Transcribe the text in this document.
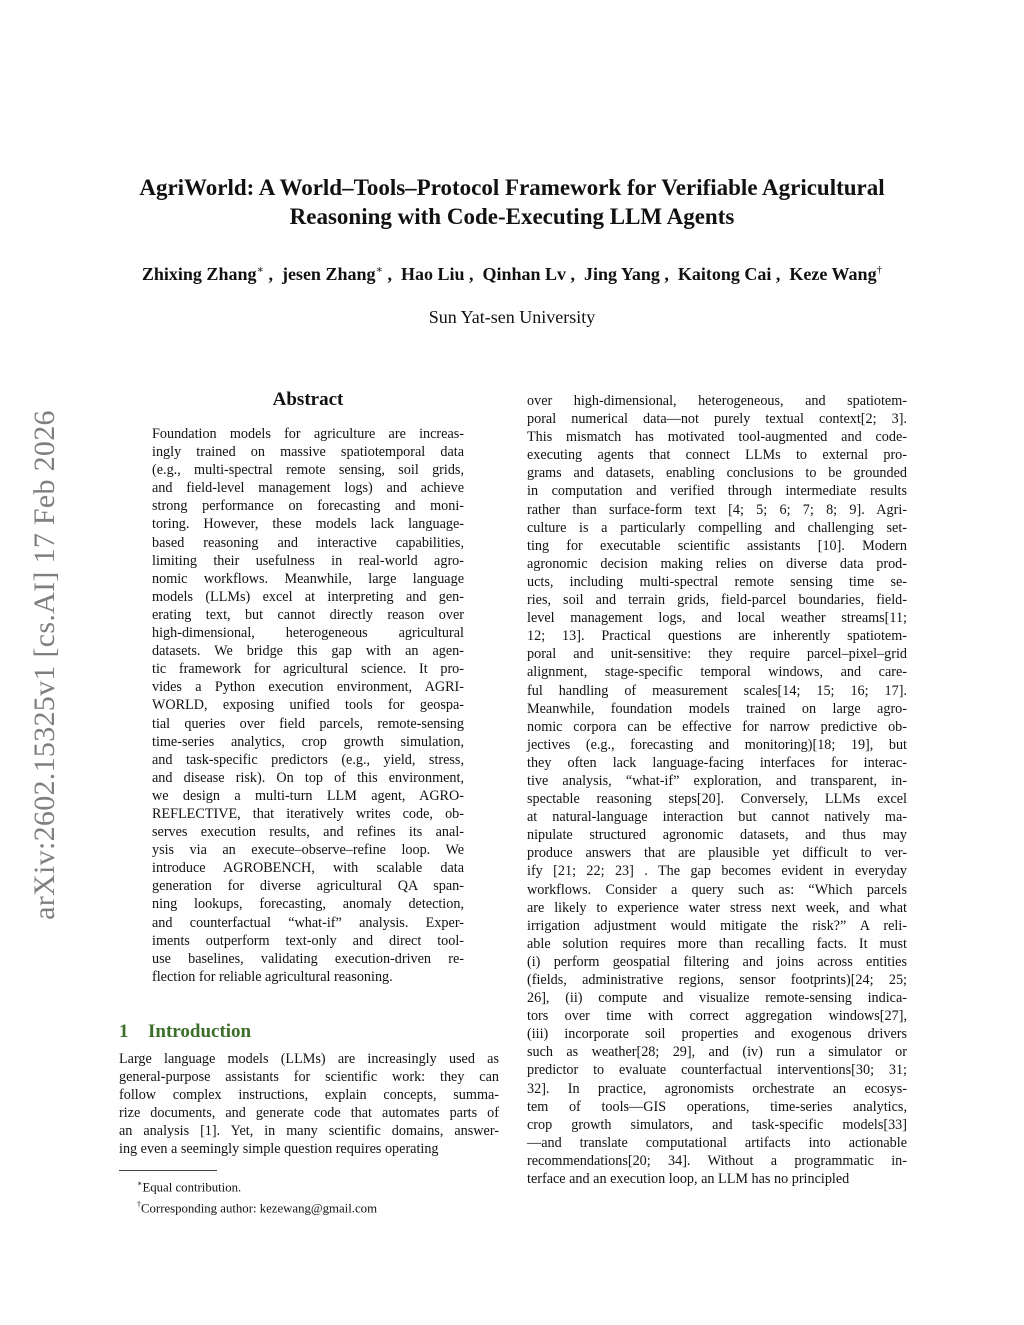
arXiv:2602.15325v1 [cs.AI] 17 Feb 2026
AgriWorld: A World–Tools–Protocol Framework for Verifiable Agricultural Reasoning with Code-Executing LLM Agents
Zhixing Zhang∗ ,  jesen Zhang∗ ,  Hao Liu ,  Qinhan Lv ,  Jing Yang ,  Kaitong Cai ,  Keze Wang†
Sun Yat-sen University
Abstract
Foundation models for agriculture are increas-
ingly trained on massive spatiotemporal data
(e.g., multi-spectral remote sensing, soil grids,
and field-level management logs) and achieve
strong performance on forecasting and moni-
toring. However, these models lack language-
based reasoning and interactive capabilities,
limiting their usefulness in real-world agro-
nomic workflows. Meanwhile, large language
models (LLMs) excel at interpreting and gen-
erating text, but cannot directly reason over
high-dimensional, heterogeneous agricultural
datasets. We bridge this gap with an agen-
tic framework for agricultural science. It pro-
vides a Python execution environment, AGRI-
WORLD, exposing unified tools for geospa-
tial queries over field parcels, remote-sensing
time-series analytics, crop growth simulation,
and task-specific predictors (e.g., yield, stress,
and disease risk). On top of this environment,
we design a multi-turn LLM agent, AGRO-
REFLECTIVE, that iteratively writes code, ob-
serves execution results, and refines its anal-
ysis via an execute–observe–refine loop. We
introduce AGROBENCH, with scalable data
generation for diverse agricultural QA span-
ning lookups, forecasting, anomaly detection,
and counterfactual “what-if” analysis. Exper-
iments outperform text-only and direct tool-
use baselines, validating execution-driven re-
flection for reliable agricultural reasoning.
1 Introduction
Large language models (LLMs) are increasingly used as
general-purpose assistants for scientific work: they can
follow complex instructions, explain concepts, summa-
rize documents, and generate code that automates parts of
an analysis [1]. Yet, in many scientific domains, answer-
ing even a seemingly simple question requires operating
over high-dimensional, heterogeneous, and spatiotem-
poral numerical data—not purely textual context[2; 3].
This mismatch has motivated tool-augmented and code-
executing agents that connect LLMs to external pro-
grams and datasets, enabling conclusions to be grounded
in computation and verified through intermediate results
rather than surface-form text [4; 5; 6; 7; 8; 9]. Agri-
culture is a particularly compelling and challenging set-
ting for executable scientific assistants [10]. Modern
agronomic decision making relies on diverse data prod-
ucts, including multi-spectral remote sensing time se-
ries, soil and terrain grids, field-parcel boundaries, field-
level management logs, and local weather streams[11;
12; 13]. Practical questions are inherently spatiotem-
poral and unit-sensitive: they require parcel–pixel–grid
alignment, stage-specific temporal windows, and care-
ful handling of measurement scales[14; 15; 16; 17].
Meanwhile, foundation models trained on large agro-
nomic corpora can be effective for narrow predictive ob-
jectives (e.g., forecasting and monitoring)[18; 19], but
they often lack language-facing interfaces for interac-
tive analysis, “what-if” exploration, and transparent, in-
spectable reasoning steps[20]. Conversely, LLMs excel
at natural-language interaction but cannot natively ma-
nipulate structured agronomic datasets, and thus may
produce answers that are plausible yet difficult to ver-
ify [21; 22; 23] . The gap becomes evident in everyday
workflows. Consider a query such as: “Which parcels
are likely to experience water stress next week, and what
irrigation adjustment would mitigate the risk?” A reli-
able solution requires more than recalling facts. It must
(i) perform geospatial filtering and joins across entities
(fields, administrative regions, sensor footprints)[24; 25;
26], (ii) compute and visualize remote-sensing indica-
tors over time with correct aggregation windows[27],
(iii) incorporate soil properties and exogenous drivers
such as weather[28; 29], and (iv) run a simulator or
predictor to evaluate counterfactual interventions[30; 31;
32]. In practice, agronomists orchestrate an ecosys-
tem of tools—GIS operations, time-series analytics,
crop growth simulators, and task-specific models[33]
—and translate computational artifacts into actionable
recommendations[20; 34]. Without a programmatic in-
terface and an execution loop, an LLM has no principled
∗Equal contribution.
†Corresponding author: kezewang@gmail.com
